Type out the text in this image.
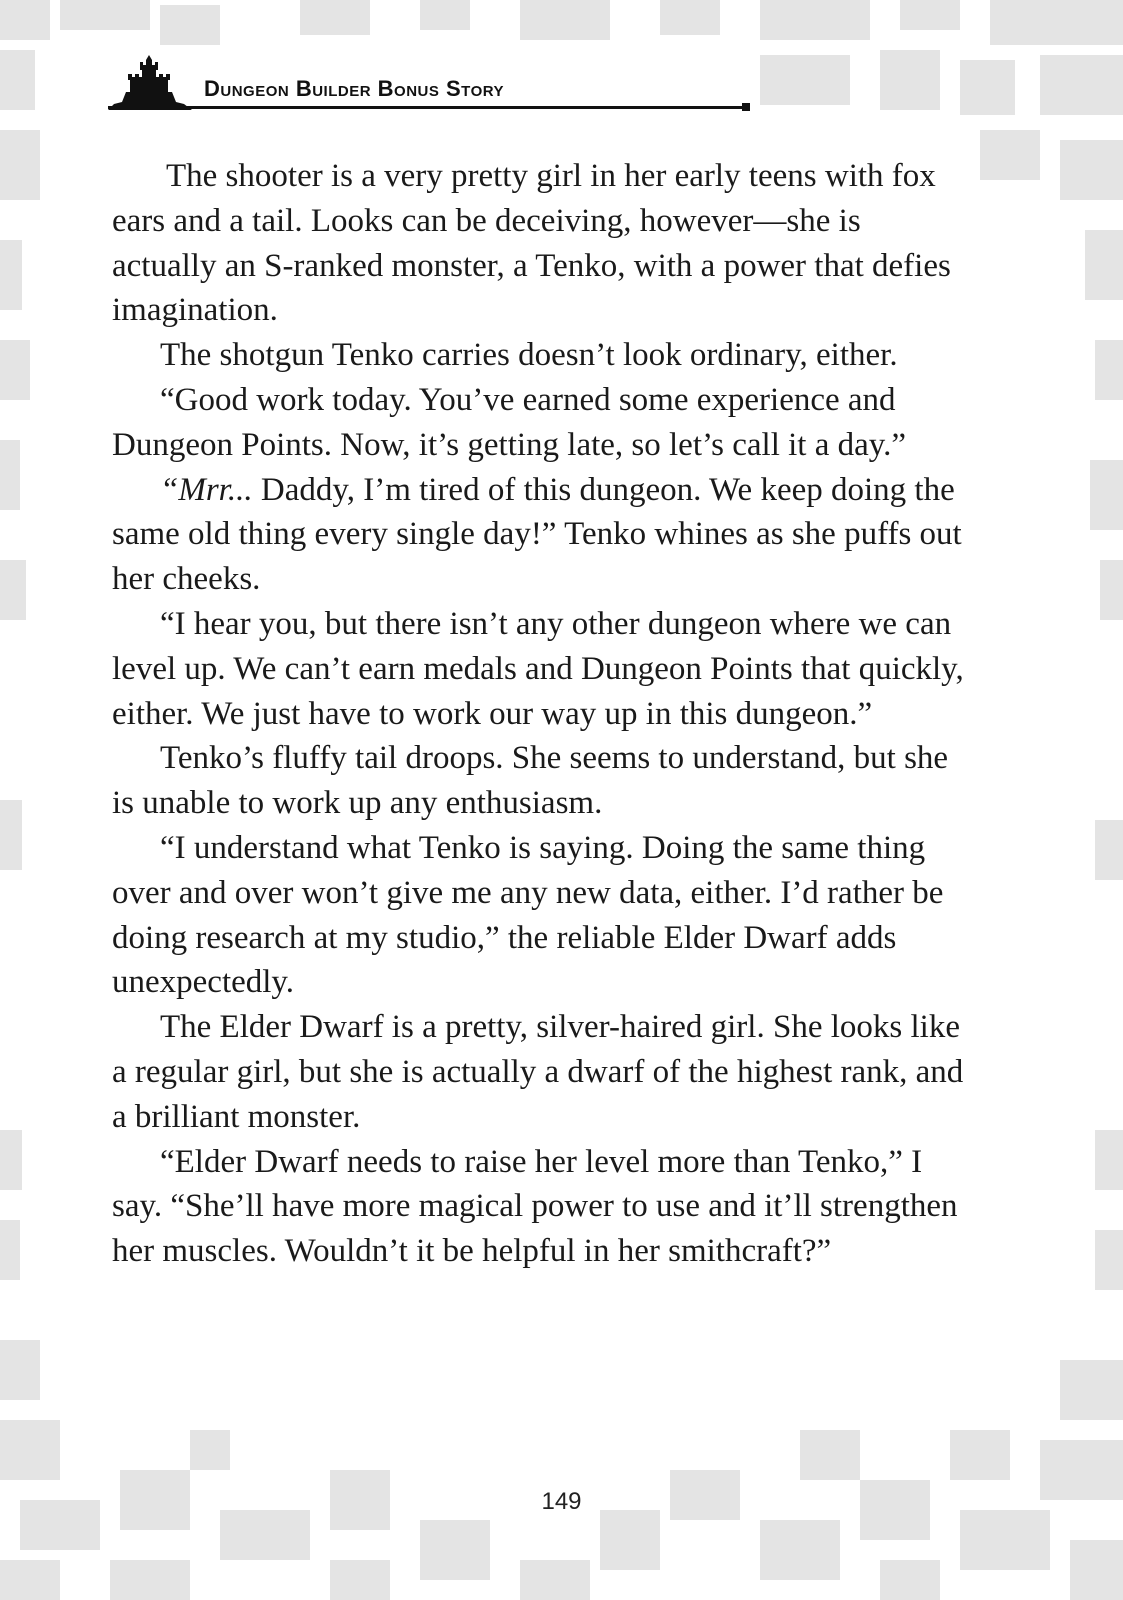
Dungeon Builder Bonus Story

The shooter is a very pretty girl in her early teens with fox ears and a tail. Looks can be deceiving, however—she is actually an S-ranked monster, a Tenko, with a power that defies imagination.

The shotgun Tenko carries doesn’t look ordinary, either.

“Good work today. You’ve earned some experience and Dungeon Points. Now, it’s getting late, so let’s call it a day.”

“Mrr... Daddy, I’m tired of this dungeon. We keep doing the same old thing every single day!” Tenko whines as she puffs out her cheeks.

“I hear you, but there isn’t any other dungeon where we can level up. We can’t earn medals and Dungeon Points that quickly, either. We just have to work our way up in this dungeon.”

Tenko’s fluffy tail droops. She seems to understand, but she is unable to work up any enthusiasm.

“I understand what Tenko is saying. Doing the same thing over and over won’t give me any new data, either. I’d rather be doing research at my studio,” the reliable Elder Dwarf adds unexpectedly.

The Elder Dwarf is a pretty, silver-haired girl. She looks like a regular girl, but she is actually a dwarf of the highest rank, and a brilliant monster.

“Elder Dwarf needs to raise her level more than Tenko,” I say. “She’ll have more magical power to use and it’ll strengthen her muscles. Wouldn’t it be helpful in her smithcraft?”

149
